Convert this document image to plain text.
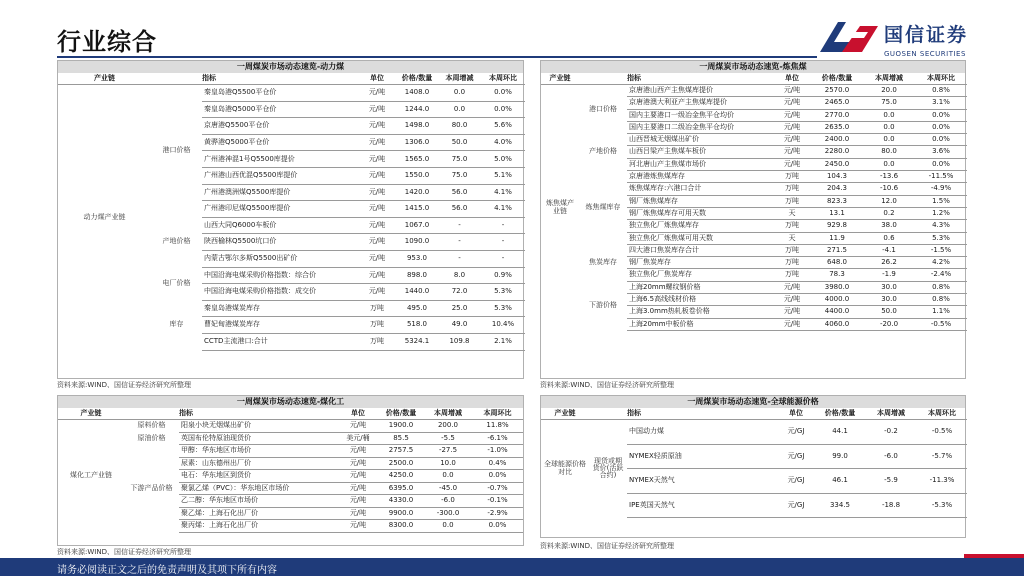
行业综合	国信证券
GUOSEN SECURITIES
一周煤炭市场动态速览-动力煤
产业链		指标	单位	价格/数量	本周增减	本周环比
动力煤产业链	港口价格	秦皇岛港Q5500平仓价	元/吨	1408.0	0.0	0.0%
		秦皇岛港Q5000平仓价	元/吨	1244.0	0.0	0.0%
		京唐港Q5500平仓价	元/吨	1498.0	80.0	5.6%
		黄骅港Q5000平仓价	元/吨	1306.0	50.0	4.0%
		广州港神混1号Q5500库提价	元/吨	1565.0	75.0	5.0%
		广州港山西优混Q5500库提价	元/吨	1550.0	75.0	5.1%
		广州港澳洲煤Q5500库提价	元/吨	1420.0	56.0	4.1%
		广州港印尼煤Q5500库提价	元/吨	1415.0	56.0	4.1%
	产地价格	山西大同Q6000车板价	元/吨	1067.0	-	-
		陕西榆林Q5500坑口价	元/吨	1090.0	-	-
		内蒙古鄂尔多斯Q5500出矿价	元/吨	953.0	-	-
	电厂价格	中国沿海电煤采购价格指数：综合价	元/吨	898.0	8.0	0.9%
		中国沿海电煤采购价格指数：成交价	元/吨	1440.0	72.0	5.3%
	库存	秦皇岛港煤炭库存	万吨	495.0	25.0	5.3%
		曹妃甸港煤炭库存	万吨	518.0	49.0	10.4%
		CCTD主流港口:合计	万吨	5324.1	109.8	2.1%
资料来源:WIND、国信证券经济研究所整理
一周煤炭市场动态速览-炼焦煤
产业链		指标	单位	价格/数量	本周增减	本周环比
炼焦煤产业链	港口价格	京唐港山西产主焦煤库提价	元/吨	2570.0	20.0	0.8%
		京唐港澳大利亚产主焦煤库提价	元/吨	2465.0	75.0	3.1%
		国内主要港口一级冶金焦平仓均价	元/吨	2770.0	0.0	0.0%
		国内主要港口二级冶金焦平仓均价	元/吨	2635.0	0.0	0.0%
	产地价格	山西晋城无烟煤出矿价	元/吨	2400.0	0.0	0.0%
		山西吕梁产主焦煤车板价	元/吨	2280.0	80.0	3.6%
		河北唐山产主焦煤市场价	元/吨	2450.0	0.0	0.0%
	炼焦煤库存	京唐港炼焦煤库存	万吨	104.3	-13.6	-11.5%
		炼焦煤库存:六港口合计	万吨	204.3	-10.6	-4.9%
		钢厂炼焦煤库存	万吨	823.3	12.0	1.5%
		钢厂炼焦煤库存可用天数	天	13.1	0.2	1.2%
		独立焦化厂炼焦煤库存	万吨	929.8	38.0	4.3%
		独立焦化厂炼焦煤可用天数	天	11.9	0.6	5.3%
	焦炭库存	四大港口焦炭库存合计	万吨	271.5	-4.1	-1.5%
		钢厂焦炭库存	万吨	648.0	26.2	4.2%
		独立焦化厂焦炭库存	万吨	78.3	-1.9	-2.4%
	下游价格	上海20mm螺纹钢价格	元/吨	3980.0	30.0	0.8%
		上海6.5高线线材价格	元/吨	4000.0	30.0	0.8%
		上海3.0mm热轧板卷价格	元/吨	4400.0	50.0	1.1%
		上海20mm中板价格	元/吨	4060.0	-20.0	-0.5%
资料来源:WIND、国信证券经济研究所整理
一周煤炭市场动态速览-煤化工
产业链		指标	单位	价格/数量	本周增减	本周环比
煤化工产业链	原料价格	阳泉小块无烟煤出矿价	元/吨	1900.0	200.0	11.8%
	原油价格	英国布伦特原油现货价	美元/桶	85.5	-5.5	-6.1%
	下游产品价格	甲醇：华东地区市场价	元/吨	2757.5	-27.5	-1.0%
		尿素：山东德州出厂价	元/吨	2500.0	10.0	0.4%
		电石：华东地区到货价	元/吨	4250.0	0.0	0.0%
		聚氯乙烯（PVC）：华东地区市场价	元/吨	6395.0	-45.0	-0.7%
		乙二醇：华东地区市场价	元/吨	4330.0	-6.0	-0.1%
		聚乙烯：上海石化出厂价	元/吨	9900.0	-300.0	-2.9%
		聚丙烯：上海石化出厂价	元/吨	8300.0	0.0	0.0%
资料来源:WIND、国信证券经济研究所整理
一周煤炭市场动态速览-全球能源价格
产业链		指标	单位	价格/数量	本周增减	本周环比
全球能源价格对比	现货或期货价(活跃合约)	中国动力煤	元/GJ	44.1	-0.2	-0.5%
		NYMEX轻质原油	元/GJ	99.0	-6.0	-5.7%
		NYMEX天然气	元/GJ	46.1	-5.9	-11.3%
		IPE英国天然气	元/GJ	334.5	-18.8	-5.3%
资料来源:WIND、国信证券经济研究所整理
请务必阅读正文之后的免责声明及其项下所有内容
